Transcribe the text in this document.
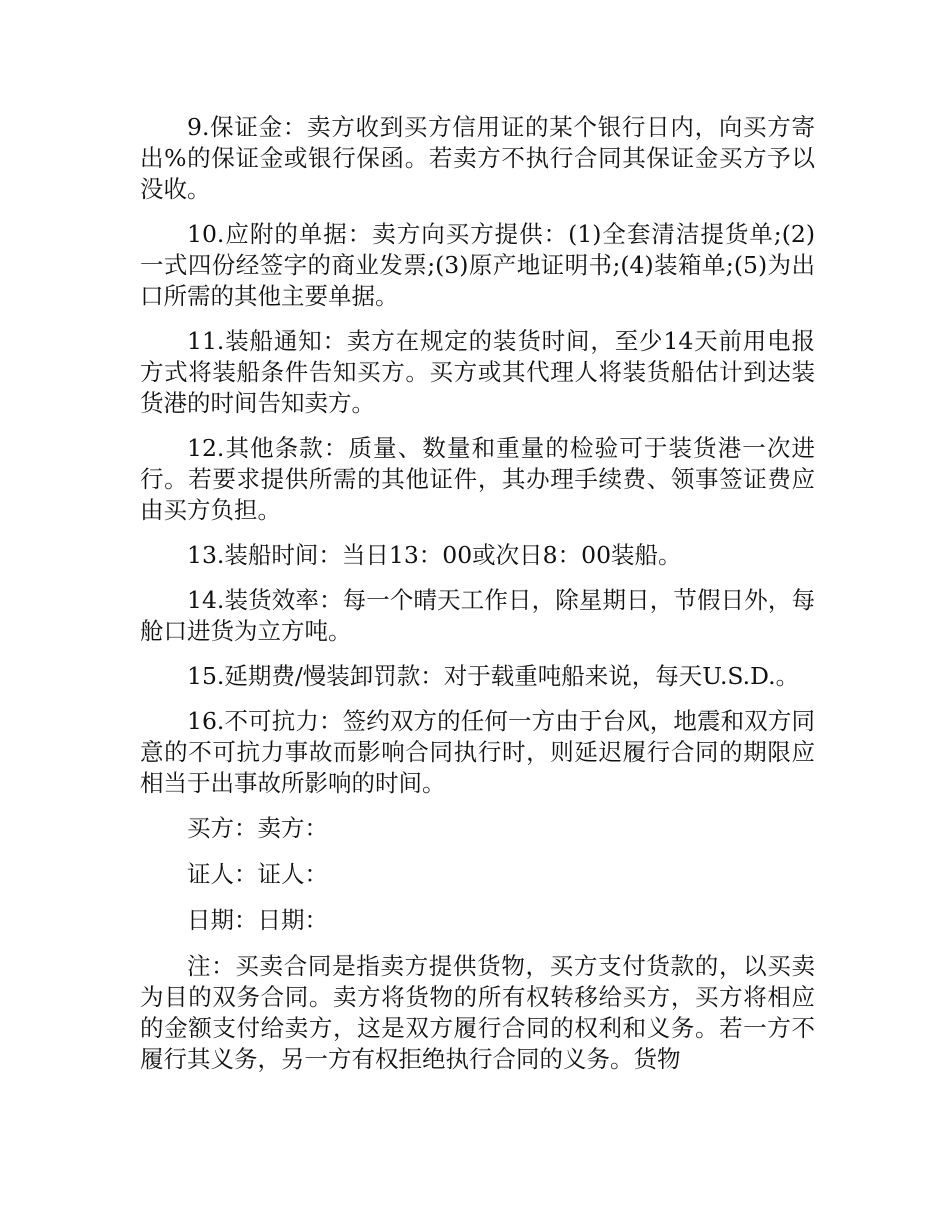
9.保证金：卖方收到买方信用证的某个银行日内，向买方寄出%的保证金或银行保函。若卖方不执行合同其保证金买方予以没收。

10.应附的单据：卖方向买方提供：(1)全套清洁提货单;(2)一式四份经签字的商业发票;(3)原产地证明书;(4)装箱单;(5)为出口所需的其他主要单据。

11.装船通知：卖方在规定的装货时间，至少14天前用电报方式将装船条件告知买方。买方或其代理人将装货船估计到达装货港的时间告知卖方。

12.其他条款：质量、数量和重量的检验可于装货港一次进行。若要求提供所需的其他证件，其办理手续费、领事签证费应由买方负担。

13.装船时间：当日13：00或次日8：00装船。

14.装货效率：每一个晴天工作日，除星期日，节假日外，每舱口进货为立方吨。

15.延期费/慢装卸罚款：对于载重吨船来说，每天U.S.D.。

16.不可抗力：签约双方的任何一方由于台风，地震和双方同意的不可抗力事故而影响合同执行时，则延迟履行合同的期限应相当于出事故所影响的时间。

买方：卖方：

证人：证人：

日期：日期：

注：买卖合同是指卖方提供货物，买方支付货款的，以买卖为目的双务合同。卖方将货物的所有权转移给买方，买方将相应的金额支付给卖方，这是双方履行合同的权利和义务。若一方不履行其义务，另一方有权拒绝执行合同的义务。货物
